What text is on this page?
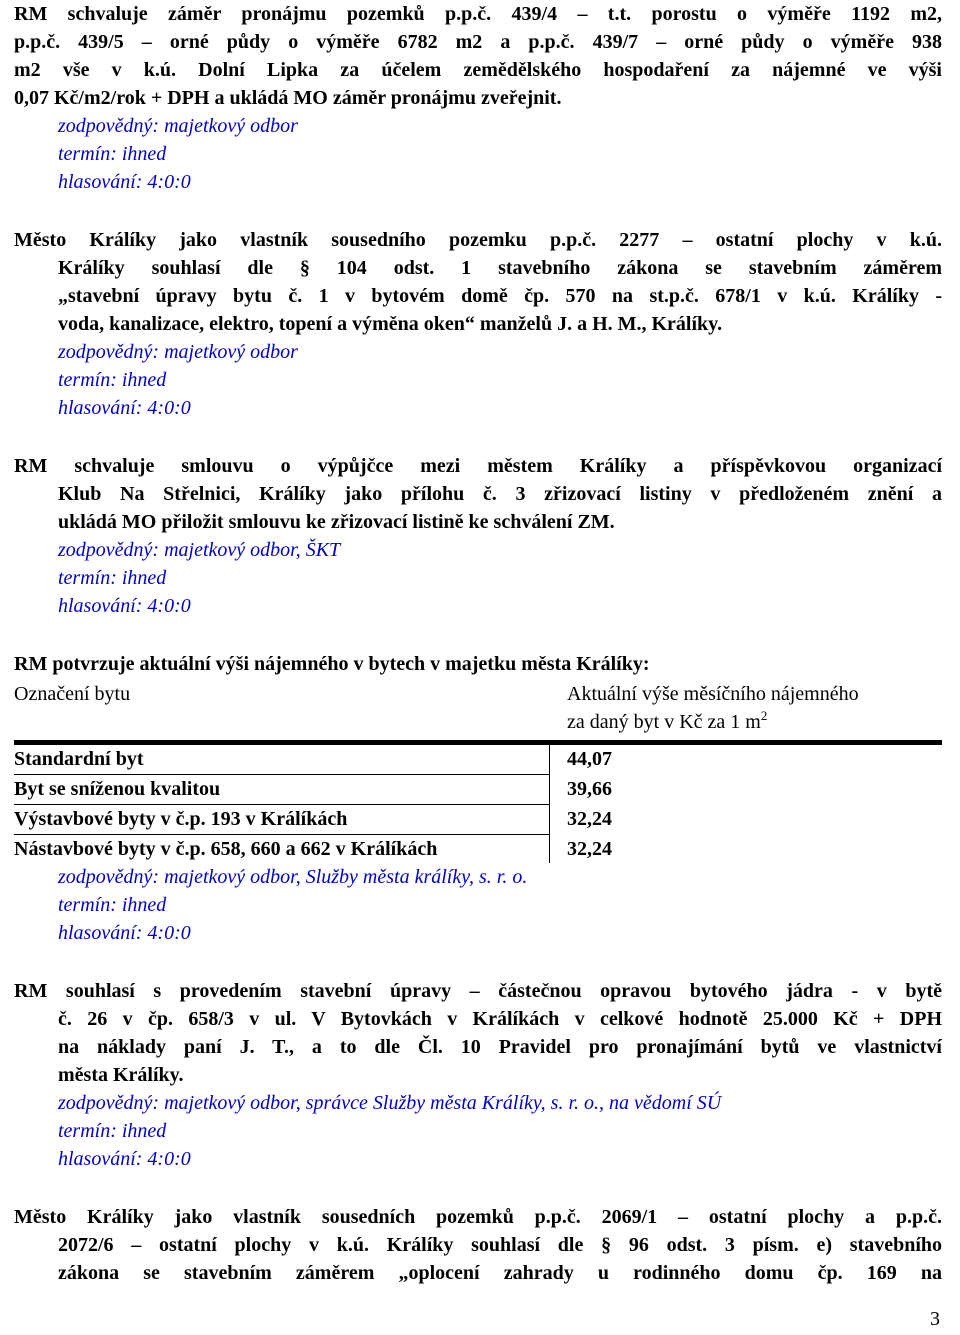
RM schvaluje záměr pronájmu pozemků p.p.č. 439/4 – t.t. porostu o výměře 1192 m2,
p.p.č. 439/5 – orné půdy o výměře 6782 m2 a p.p.č. 439/7 – orné půdy o výměře 938
m2 vše v k.ú. Dolní Lipka za účelem zemědělského hospodaření za nájemné ve výši
0,07 Kč/m2/rok + DPH a ukládá MO záměr pronájmu zveřejnit.
zodpovědný: majetkový odbor
termín: ihned
hlasování: 4:0:0
Město Králíky jako vlastník sousedního pozemku p.p.č. 2277 – ostatní plochy v k.ú.
Králíky souhlasí dle § 104 odst. 1 stavebního zákona se stavebním záměrem
„stavební úpravy bytu č. 1 v bytovém domě čp. 570 na st.p.č. 678/1 v k.ú. Králíky -
voda, kanalizace, elektro, topení a výměna oken“ manželů J. a H. M., Králíky.
zodpovědný: majetkový odbor
termín: ihned
hlasování: 4:0:0
RM schvaluje smlouvu o výpůjčce mezi městem Králíky a příspěvkovou organizací
Klub Na Střelnici, Králíky jako přílohu č. 3 zřizovací listiny v předloženém znění a
ukládá MO přiložit smlouvu ke zřizovací listině ke schválení ZM.
zodpovědný: majetkový odbor, ŠKT
termín: ihned
hlasování: 4:0:0
RM potvrzuje aktuální výši nájemného v bytech v majetku města Králíky:
Označení bytu	Aktuální výše měsíčního nájemného
za daný byt v Kč za 1 $m^2$
Standardní byt	44,07
Byt se sníženou kvalitou	39,66
Výstavbové byty v č.p. 193 v Králíkách	32,24
Nástavbové byty v č.p. 658, 660 a 662 v Králíkách	32,24
zodpovědný: majetkový odbor, Služby města králíky, s. r. o.
termín: ihned
hlasování: 4:0:0
RM souhlasí s provedením stavební úpravy – částečnou opravou bytového jádra - v bytě
č. 26 v čp. 658/3 v ul. V Bytovkách v Králíkách v celkové hodnotě 25.000 Kč + DPH
na náklady paní J. T., a to dle Čl. 10 Pravidel pro pronajímání bytů ve vlastnictví
města Králíky.
zodpovědný: majetkový odbor, správce Služby města Králíky, s. r. o., na vědomí SÚ
termín: ihned
hlasování: 4:0:0
Město Králíky jako vlastník sousedních pozemků p.p.č. 2069/1 – ostatní plochy a p.p.č.
2072/6 – ostatní plochy v k.ú. Králíky souhlasí dle § 96 odst. 3 písm. e) stavebního
zákona se stavebním záměrem „oplocení zahrady u rodinného domu čp. 169 na
3
